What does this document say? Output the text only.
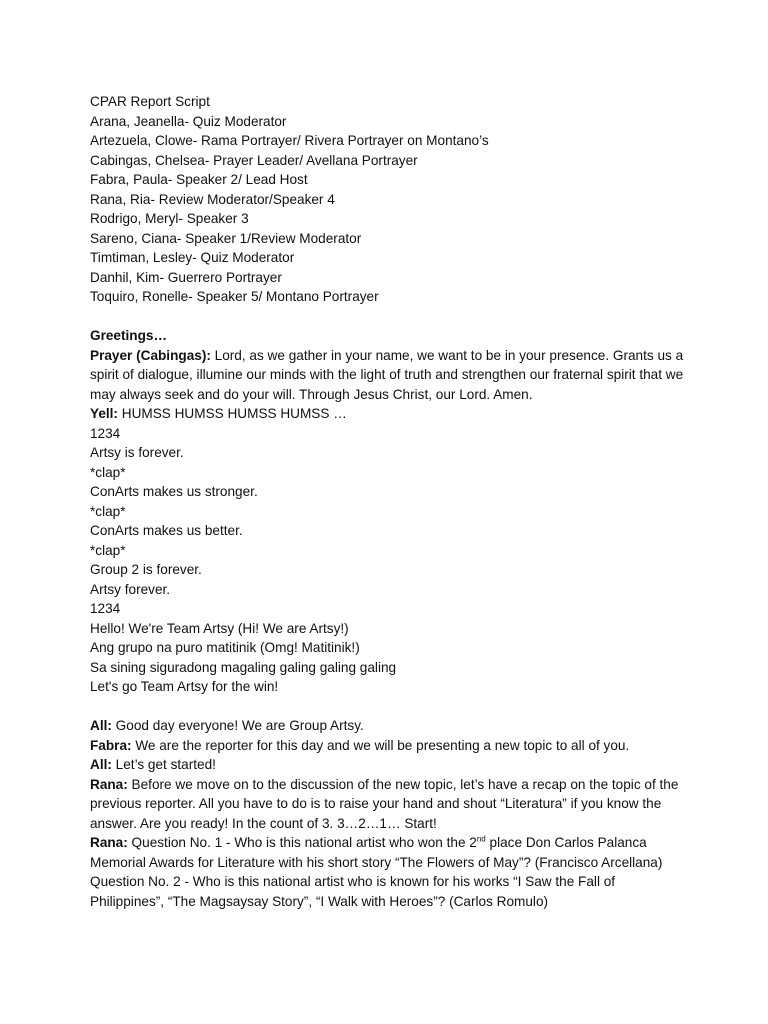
CPAR Report Script
Arana, Jeanella- Quiz Moderator
Artezuela, Clowe- Rama Portrayer/ Rivera Portrayer on Montano’s
Cabingas, Chelsea- Prayer Leader/ Avellana Portrayer
Fabra, Paula- Speaker 2/ Lead Host
Rana, Ria- Review Moderator/Speaker 4
Rodrigo, Meryl- Speaker 3
Sareno, Ciana- Speaker 1/Review Moderator
Timtiman, Lesley- Quiz Moderator
Danhil, Kim- Guerrero Portrayer
Toquiro, Ronelle- Speaker 5/ Montano Portrayer
Greetings…
Prayer (Cabingas): Lord, as we gather in your name, we want to be in your presence. Grants us a spirit of dialogue, illumine our minds with the light of truth and strengthen our fraternal spirit that we may always seek and do your will. Through Jesus Christ, our Lord. Amen.
Yell: HUMSS HUMSS HUMSS HUMSS …
1234
Artsy is forever.
*clap*
ConArts makes us stronger.
*clap*
ConArts makes us better.
*clap*
Group 2 is forever.
Artsy forever.
1234
Hello! We're Team Artsy (Hi! We are Artsy!)
Ang grupo na puro matitinik (Omg! Matitinik!)
Sa sining siguradong magaling galing galing galing
Let's go Team Artsy for the win!
All: Good day everyone! We are Group Artsy.
Fabra: We are the reporter for this day and we will be presenting a new topic to all of you.
All: Let’s get started!
Rana: Before we move on to the discussion of the new topic, let’s have a recap on the topic of the previous reporter. All you have to do is to raise your hand and shout “Literatura” if you know the answer. Are you ready! In the count of 3. 3…2…1… Start!
Rana: Question No. 1 - Who is this national artist who won the 2nd place Don Carlos Palanca Memorial Awards for Literature with his short story “The Flowers of May”? (Francisco Arcellana)
Question No. 2 - Who is this national artist who is known for his works “I Saw the Fall of Philippines”, “The Magsaysay Story”, “I Walk with Heroes”? (Carlos Romulo)
